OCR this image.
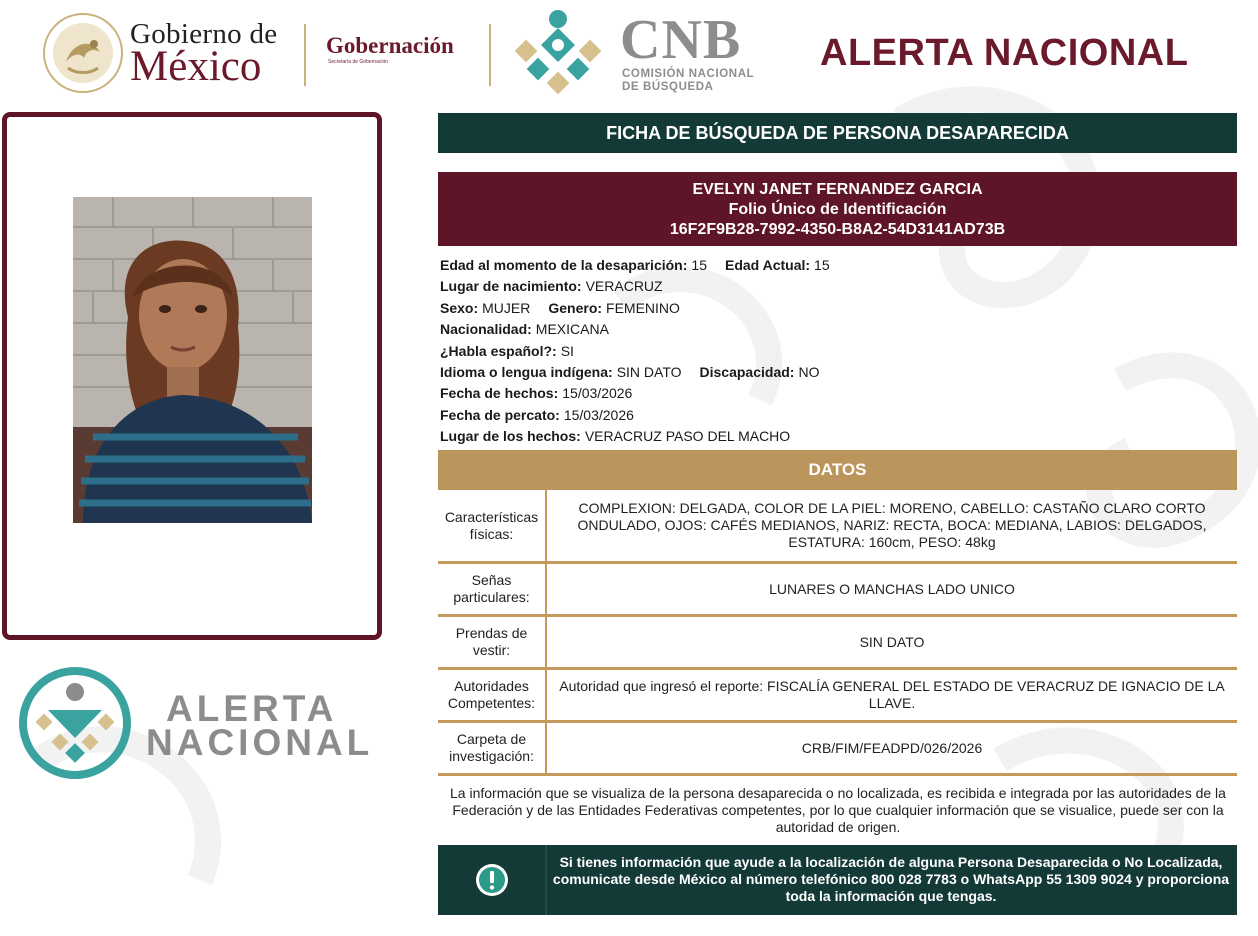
Gobierno de
México	Gobernación
Secretaría de Gobernación	CNB
COMISIÓN NACIONAL
DE BÚSQUEDA
ALERTA NACIONAL
ALERTA
NACIONAL
FICHA DE BÚSQUEDA DE PERSONA DESAPARECIDA
EVELYN JANET FERNANDEZ GARCIA
Folio Único de Identificación
16F2F9B28-7992-4350-B8A2-54D3141AD73B
Edad al momento de la desaparición: 15 Edad Actual: 15
Lugar de nacimiento: VERACRUZ
Sexo: MUJER Genero: FEMENINO
Nacionalidad: MEXICANA
¿Habla español?: SI
Idioma o lengua indígena: SIN DATO Discapacidad: NO
Fecha de hechos: 15/03/2026
Fecha de percato: 15/03/2026
Lugar de los hechos: VERACRUZ PASO DEL MACHO
DATOS
Características físicas:
COMPLEXION: DELGADA, COLOR DE LA PIEL: MORENO, CABELLO: CASTAÑO CLARO CORTO ONDULADO, OJOS: CAFÉS MEDIANOS, NARIZ: RECTA, BOCA: MEDIANA, LABIOS: DELGADOS, ESTATURA: 160cm, PESO: 48kg
Señas particulares:
LUNARES O MANCHAS LADO UNICO
Prendas de vestir:
SIN DATO
Autoridades Competentes:
Autoridad que ingresó el reporte: FISCALÍA GENERAL DEL ESTADO DE VERACRUZ DE IGNACIO DE LA LLAVE.
Carpeta de investigación:
CRB/FIM/FEADPD/026/2026
La información que se visualiza de la persona desaparecida o no localizada, es recibida e integrada por las autoridades de la Federación y de las Entidades Federativas competentes, por lo que cualquier información que se visualice, puede ser con la autoridad de origen.
Si tienes información que ayude a la localización de alguna Persona Desaparecida o No Localizada, comunicate desde México al número telefónico 800 028 7783 o WhatsApp 55 1309 9024 y proporciona toda la información que tengas.
